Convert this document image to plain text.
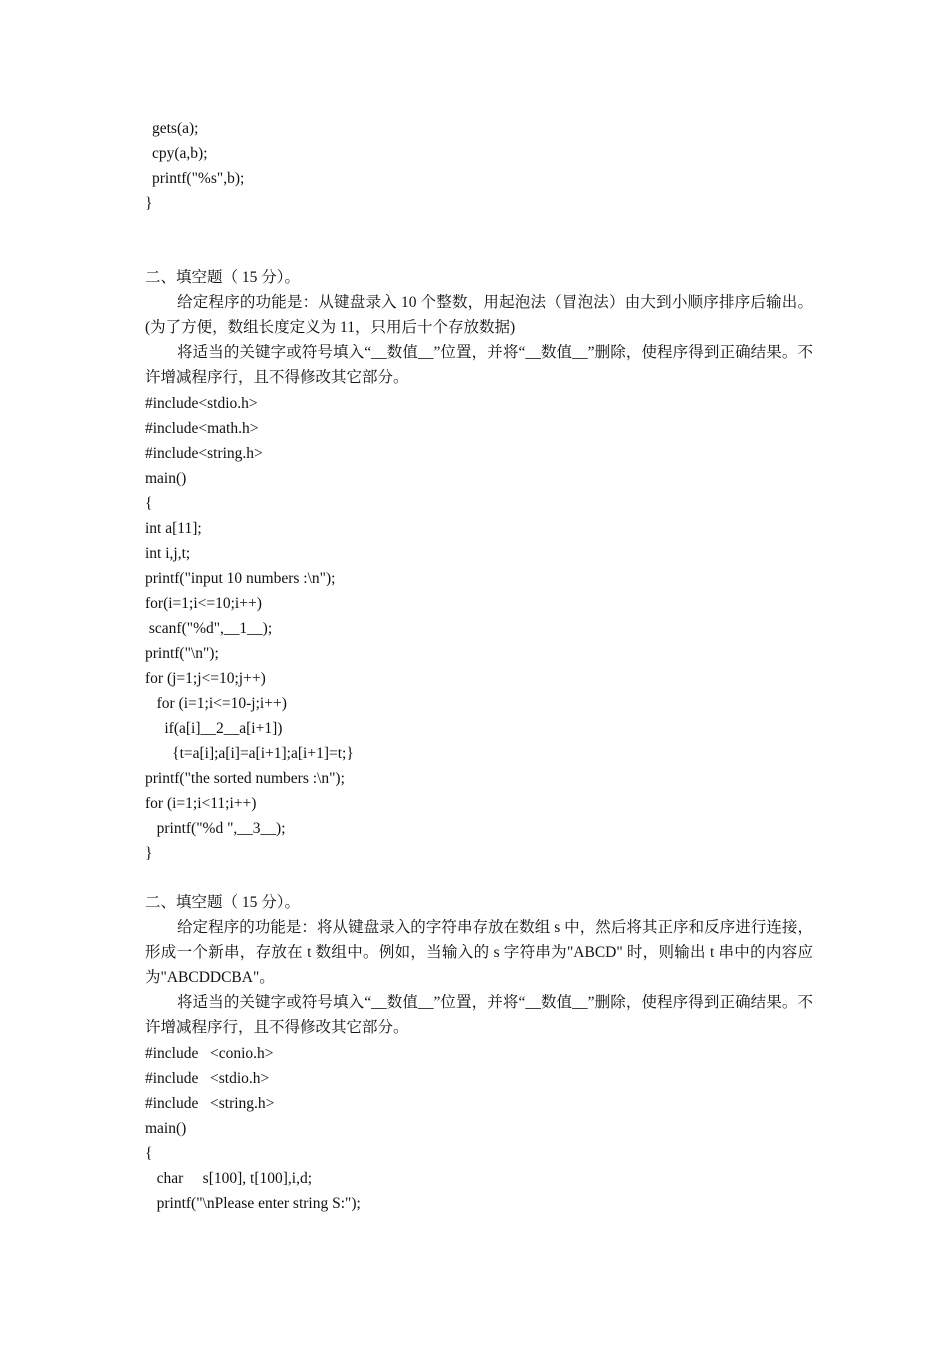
gets(a);
cpy(a,b);
printf("%s",b);
}
二、填空题（ 15 分）。

给定程序的功能是：从键盘录入 10 个整数，用起泡法（冒泡法）由大到小顺序排序后输出。(为了方便，数组长度定义为 11，只用后十个存放数据)

将适当的关键字或符号填入“__数值__”位置，并将“__数值__”删除，使程序得到正确结果。不许增减程序行，且不得修改其它部分。

#include<stdio.h>
#include<math.h>
#include<string.h>
main()
{
int a[11];
int i,j,t;
printf("input 10 numbers :\n");
for(i=1;i<=10;i++)
scanf("%d",__1__);
printf("\n");
for (j=1;j<=10;j++)
for (i=1;i<=10-j;i++)
if(a[i]__2__a[i+1])
{t=a[i];a[i]=a[i+1];a[i+1]=t;}
printf("the sorted numbers :\n");
for (i=1;i<11;i++)
printf("%d ",__3__);
}
二、填空题（ 15 分）。

给定程序的功能是：将从键盘录入的字符串存放在数组 s 中，然后将其正序和反序进行连接，形成一个新串，存放在 t 数组中。例如，当输入的 s 字符串为"ABCD" 时，则输出 t 串中的内容应为"ABCDDCBA"。

将适当的关键字或符号填入“__数值__”位置，并将“__数值__”删除，使程序得到正确结果。不许增减程序行，且不得修改其它部分。

#include   <conio.h>
#include   <stdio.h>
#include   <string.h>
main()
{
char     s[100], t[100],i,d;
printf("\nPlease enter string S:");
